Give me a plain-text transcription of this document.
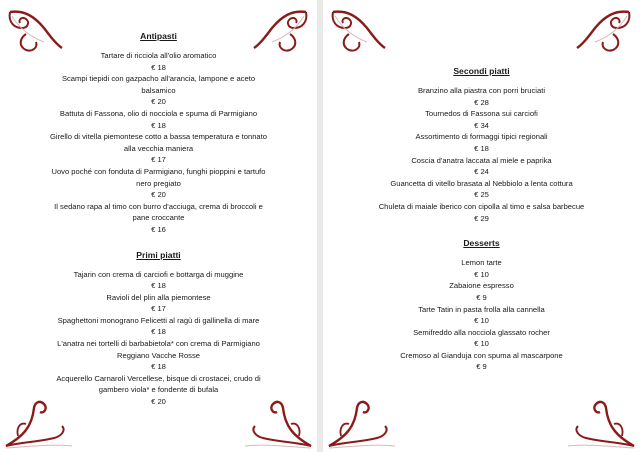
Antipasti
Tartare di ricciola all'olio aromatico
€ 18
Scampi tiepidi con gazpacho all'arancia, lampone e aceto balsamico
€ 20
Battuta di Fassona, olio di nocciola e spuma di Parmigiano
€ 18
Girello di vitella piemontese cotto a bassa temperatura e tonnato alla vecchia maniera
€ 17
Uovo poché con fonduta di Parmigiano, funghi pioppini e tartufo nero pregiato
€ 20
Il sedano rapa al timo con burro d'acciuga, crema di broccoli e pane croccante
€ 16
Primi piatti
Tajarin con crema di carciofi e bottarga di muggine
€ 18
Ravioli del plin alla piemontese
€ 17
Spaghettoni monograno Felicetti al ragù di gallinella di mare
€ 18
L'anatra nei tortelli di barbabietola* con crema di Parmigiano Reggiano Vacche Rosse
€ 18
Acquerello Carnaroli Vercellese, bisque di crostacei, crudo di gambero viola* e fondente di bufala
€ 20
Secondi piatti
Branzino alla piastra con porri bruciati
€ 28
Tournedos di Fassona sui carciofi
€ 34
Assortimento di formaggi tipici regionali
€ 18
Coscia d'anatra laccata al miele e paprika
€ 24
Guancetta di vitello brasata al Nebbiolo a lenta cottura
€ 25
Chuleta di maiale iberico con cipolla al timo e salsa barbecue
€ 29
Desserts
Lemon tarte
€ 10
Zabaione espresso
€ 9
Tarte Tatin in pasta frolla alla cannella
€ 10
Semifreddo alla nocciola glassato rocher
€ 10
Cremoso al Gianduja con spuma al mascarpone
€ 9
